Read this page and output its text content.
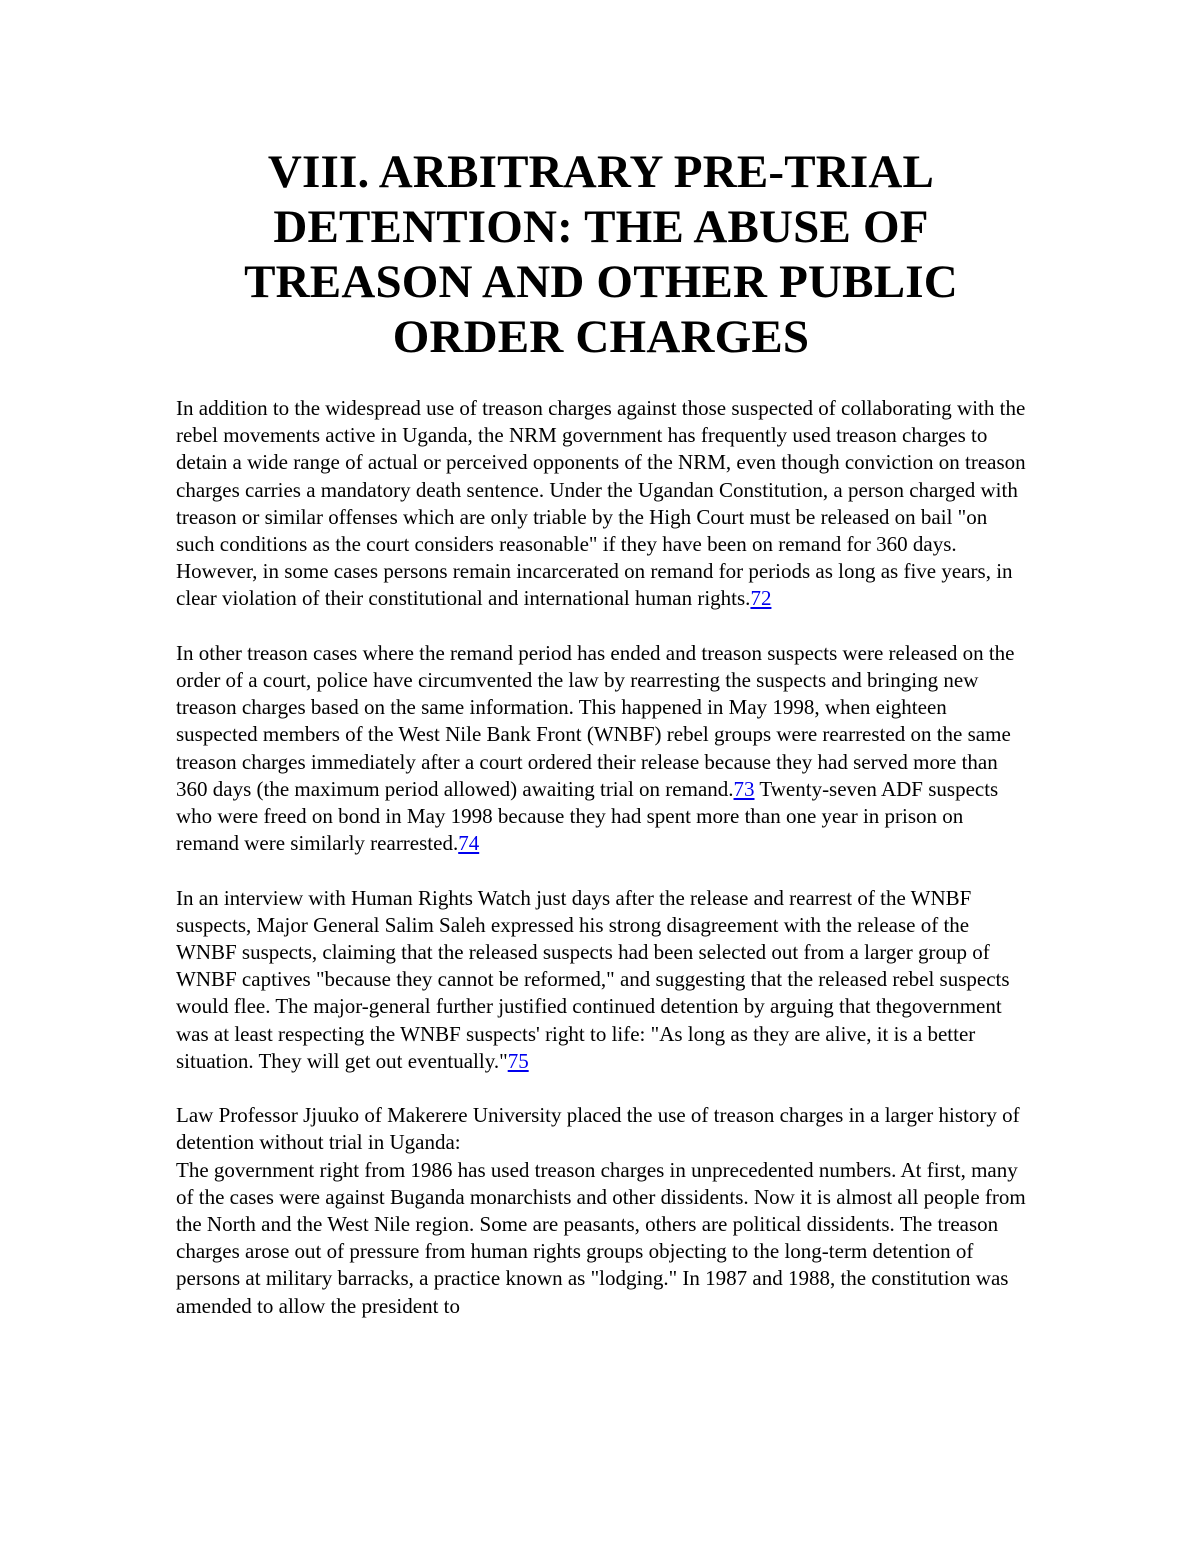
VIII. ARBITRARY PRE-TRIAL
DETENTION: THE ABUSE OF
TREASON AND OTHER PUBLIC
ORDER CHARGES

In addition to the widespread use of treason charges against those suspected of collaborating with the rebel movements active in Uganda, the NRM government has frequently used treason charges to detain a wide range of actual or perceived opponents of the NRM, even though conviction on treason charges carries a mandatory death sentence. Under the Ugandan Constitution, a person charged with treason or similar offenses which are only triable by the High Court must be released on bail "on such conditions as the court considers reasonable" if they have been on remand for 360 days. However, in some cases persons remain incarcerated on remand for periods as long as five years, in clear violation of their constitutional and international human rights.72

In other treason cases where the remand period has ended and treason suspects were released on the order of a court, police have circumvented the law by rearresting the suspects and bringing new treason charges based on the same information. This happened in May 1998, when eighteen suspected members of the West Nile Bank Front (WNBF) rebel groups were rearrested on the same treason charges immediately after a court ordered their release because they had served more than 360 days (the maximum period allowed) awaiting trial on remand.73 Twenty-seven ADF suspects who were freed on bond in May 1998 because they had spent more than one year in prison on remand were similarly rearrested.74

In an interview with Human Rights Watch just days after the release and rearrest of the WNBF suspects, Major General Salim Saleh expressed his strong disagreement with the release of the WNBF suspects, claiming that the released suspects had been selected out from a larger group of WNBF captives "because they cannot be reformed," and suggesting that the released rebel suspects would flee. The major-general further justified continued detention by arguing that thegovernment was at least respecting the WNBF suspects' right to life: "As long as they are alive, it is a better situation. They will get out eventually."75

Law Professor Jjuuko of Makerere University placed the use of treason charges in a larger history of detention without trial in Uganda:

The government right from 1986 has used treason charges in unprecedented numbers. At first, many of the cases were against Buganda monarchists and other dissidents. Now it is almost all people from the North and the West Nile region. Some are peasants, others are political dissidents. The treason charges arose out of pressure from human rights groups objecting to the long-term detention of persons at military barracks, a practice known as "lodging." In 1987 and 1988, the constitution was amended to allow the president to
